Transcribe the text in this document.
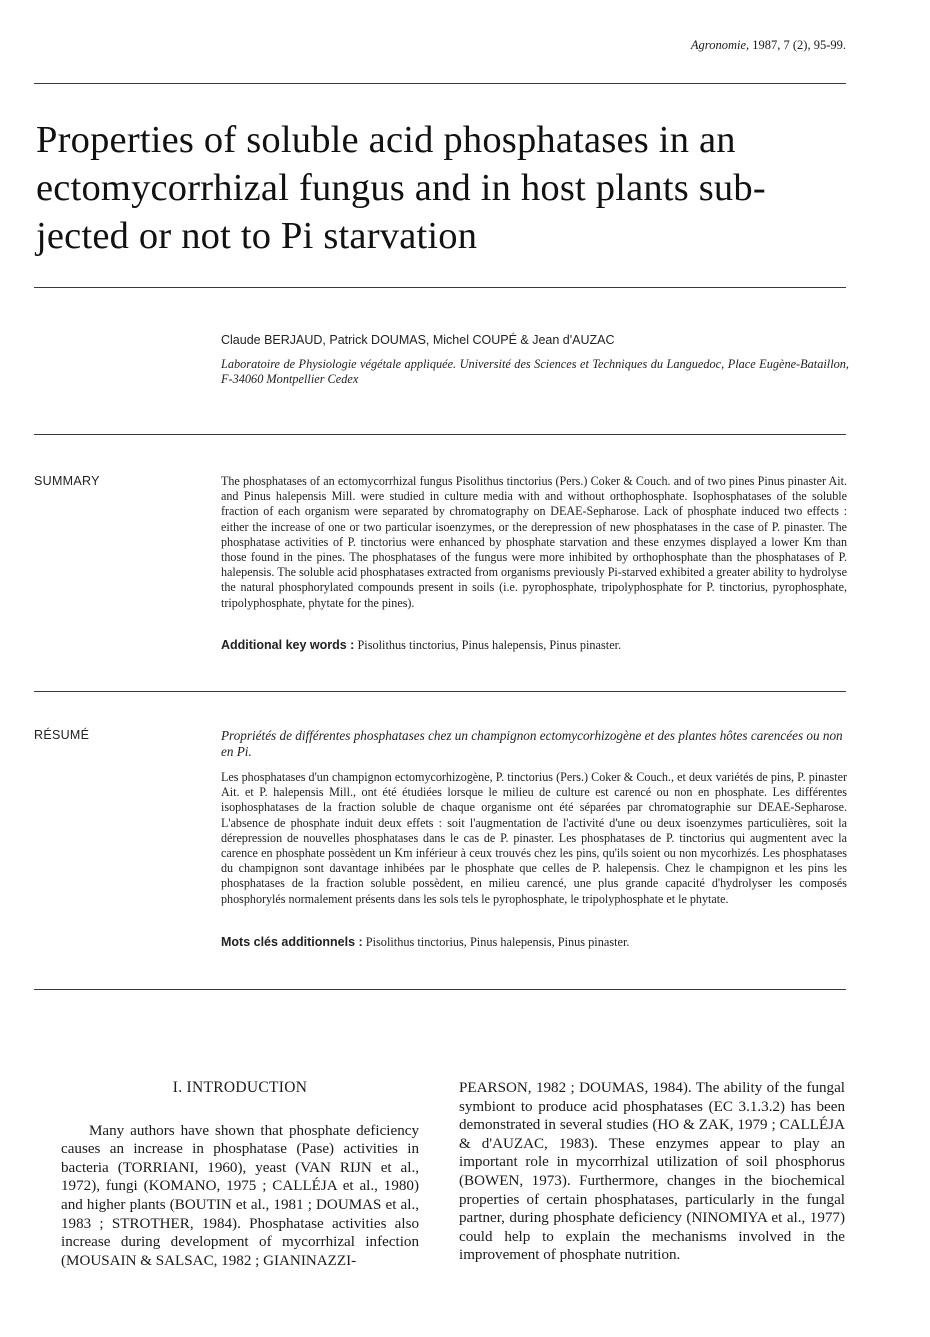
Agronomie, 1987, 7 (2), 95-99.
Properties of soluble acid phosphatases in an
ectomycorrhizal fungus and in host plants sub-
jected or not to Pi starvation
Claude BERJAUD, Patrick DOUMAS, Michel COUPÉ & Jean d'AUZAC
Laboratoire de Physiologie végétale appliquée. Université des Sciences et Techniques du Languedoc, Place Eugène-Bataillon, F-34060 Montpellier Cedex
SUMMARY	The phosphatases of an ectomycorrhizal fungus Pisolithus tinctorius (Pers.) Coker & Couch. and of two pines Pinus pinaster Ait. and Pinus halepensis Mill. were studied in culture media with and without orthophosphate. Isophosphatases of the soluble fraction of each organism were separated by chromatography on DEAE-Sepharose. Lack of phosphate induced two effects : either the increase of one or two particular isoenzymes, or the derepression of new phosphatases in the case of P. pinaster. The phosphatase activities of P. tinctorius were enhanced by phosphate starvation and these enzymes displayed a lower Km than those found in the pines. The phosphatases of the fungus were more inhibited by orthophosphate than the phosphatases of P. halepensis. The soluble acid phosphatases extracted from organisms previously Pi-starved exhibited a greater ability to hydrolyse the natural phosphorylated compounds present in soils (i.e. pyrophosphate, tripolyphosphate for P. tinctorius, pyrophosphate, tripolyphosphate, phytate for the pines).

Additional key words : Pisolithus tinctorius, Pinus halepensis, Pinus pinaster.
RÉSUMÉ	Propriétés de différentes phosphatases chez un champignon ectomycorhizogène et des plantes hôtes carencées ou non en Pi.

Les phosphatases d'un champignon ectomycorhizogène, P. tinctorius (Pers.) Coker & Couch., et deux variétés de pins, P. pinaster Ait. et P. halepensis Mill., ont été étudiées lorsque le milieu de culture est carencé ou non en phosphate. Les différentes isophosphatases de la fraction soluble de chaque organisme ont été séparées par chromatographie sur DEAE-Sepharose. L'absence de phosphate induit deux effets : soit l'augmentation de l'activité d'une ou deux isoenzymes particulières, soit la dérepression de nouvelles phosphatases dans le cas de P. pinaster. Les phosphatases de P. tinctorius qui augmentent avec la carence en phosphate possèdent un Km inférieur à ceux trouvés chez les pins, qu'ils soient ou non mycorhizés. Les phosphatases du champignon sont davantage inhibées par le phosphate que celles de P. halepensis. Chez le champignon et les pins les phosphatases de la fraction soluble possèdent, en milieu carencé, une plus grande capacité d'hydrolyser les composés phosphorylés normalement présents dans les sols tels le pyrophosphate, le tripolyphosphate et le phytate.

Mots clés additionnels : Pisolithus tinctorius, Pinus halepensis, Pinus pinaster.

I. INTRODUCTION

Many authors have shown that phosphate deficiency causes an increase in phosphatase (Pase) activities in bacteria (TORRIANI, 1960), yeast (VAN RIJN et al., 1972), fungi (KOMANO, 1975 ; CALLÉJA et al., 1980) and higher plants (BOUTIN et al., 1981 ; DOUMAS et al., 1983 ; STROTHER, 1984). Phosphatase activities also increase during development of mycorrhizal infection (MOUSAIN & SALSAC, 1982 ; GIANINAZZI-

PEARSON, 1982 ; DOUMAS, 1984). The ability of the fungal symbiont to produce acid phosphatases (EC 3.1.3.2) has been demonstrated in several studies (HO & ZAK, 1979 ; CALLÉJA & d'AUZAC, 1983). These enzymes appear to play an important role in mycorrhizal utilization of soil phosphorus (BOWEN, 1973). Furthermore, changes in the biochemical properties of certain phosphatases, particularly in the fungal partner, during phosphate deficiency (NINOMIYA et al., 1977) could help to explain the mechanisms involved in the improvement of phosphate nutrition.
